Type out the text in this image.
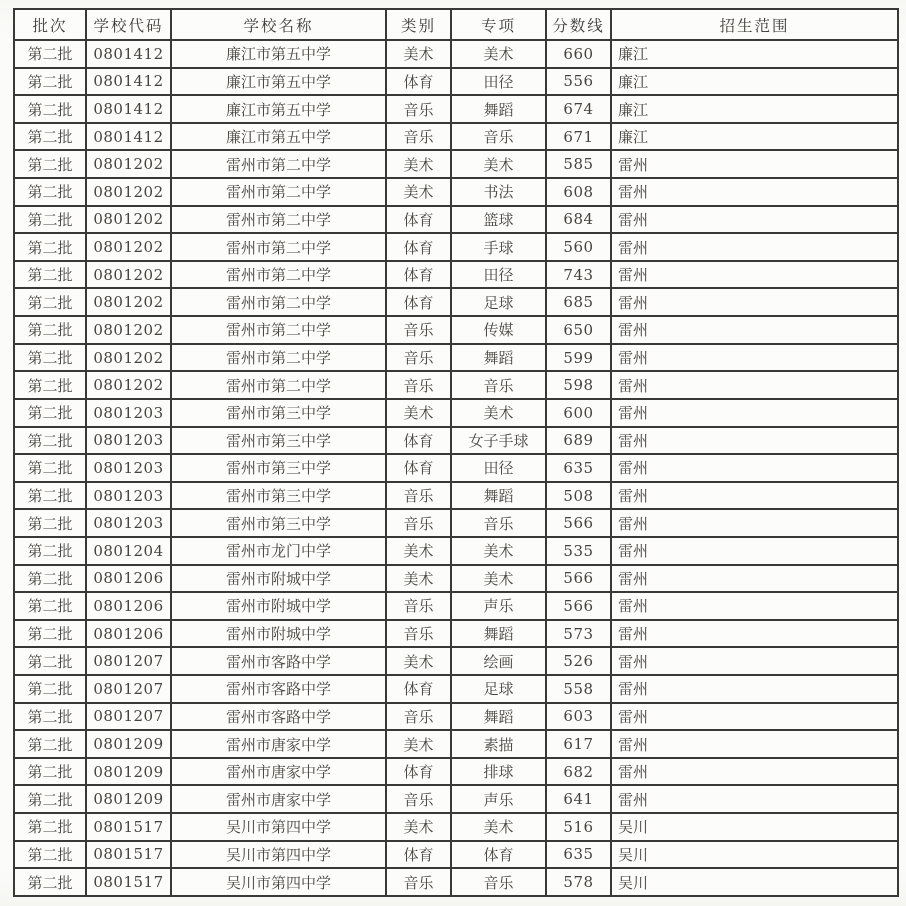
批次	学校代码	学校名称	类别	专项	分数线	招生范围
第二批	0801412	廉江市第五中学	美术	美术	660	廉江
第二批	0801412	廉江市第五中学	体育	田径	556	廉江
第二批	0801412	廉江市第五中学	音乐	舞蹈	674	廉江
第二批	0801412	廉江市第五中学	音乐	音乐	671	廉江
第二批	0801202	雷州市第二中学	美术	美术	585	雷州
第二批	0801202	雷州市第二中学	美术	书法	608	雷州
第二批	0801202	雷州市第二中学	体育	篮球	684	雷州
第二批	0801202	雷州市第二中学	体育	手球	560	雷州
第二批	0801202	雷州市第二中学	体育	田径	743	雷州
第二批	0801202	雷州市第二中学	体育	足球	685	雷州
第二批	0801202	雷州市第二中学	音乐	传媒	650	雷州
第二批	0801202	雷州市第二中学	音乐	舞蹈	599	雷州
第二批	0801202	雷州市第二中学	音乐	音乐	598	雷州
第二批	0801203	雷州市第三中学	美术	美术	600	雷州
第二批	0801203	雷州市第三中学	体育	女子手球	689	雷州
第二批	0801203	雷州市第三中学	体育	田径	635	雷州
第二批	0801203	雷州市第三中学	音乐	舞蹈	508	雷州
第二批	0801203	雷州市第三中学	音乐	音乐	566	雷州
第二批	0801204	雷州市龙门中学	美术	美术	535	雷州
第二批	0801206	雷州市附城中学	美术	美术	566	雷州
第二批	0801206	雷州市附城中学	音乐	声乐	566	雷州
第二批	0801206	雷州市附城中学	音乐	舞蹈	573	雷州
第二批	0801207	雷州市客路中学	美术	绘画	526	雷州
第二批	0801207	雷州市客路中学	体育	足球	558	雷州
第二批	0801207	雷州市客路中学	音乐	舞蹈	603	雷州
第二批	0801209	雷州市唐家中学	美术	素描	617	雷州
第二批	0801209	雷州市唐家中学	体育	排球	682	雷州
第二批	0801209	雷州市唐家中学	音乐	声乐	641	雷州
第二批	0801517	吴川市第四中学	美术	美术	516	吴川
第二批	0801517	吴川市第四中学	体育	体育	635	吴川
第二批	0801517	吴川市第四中学	音乐	音乐	578	吴川
